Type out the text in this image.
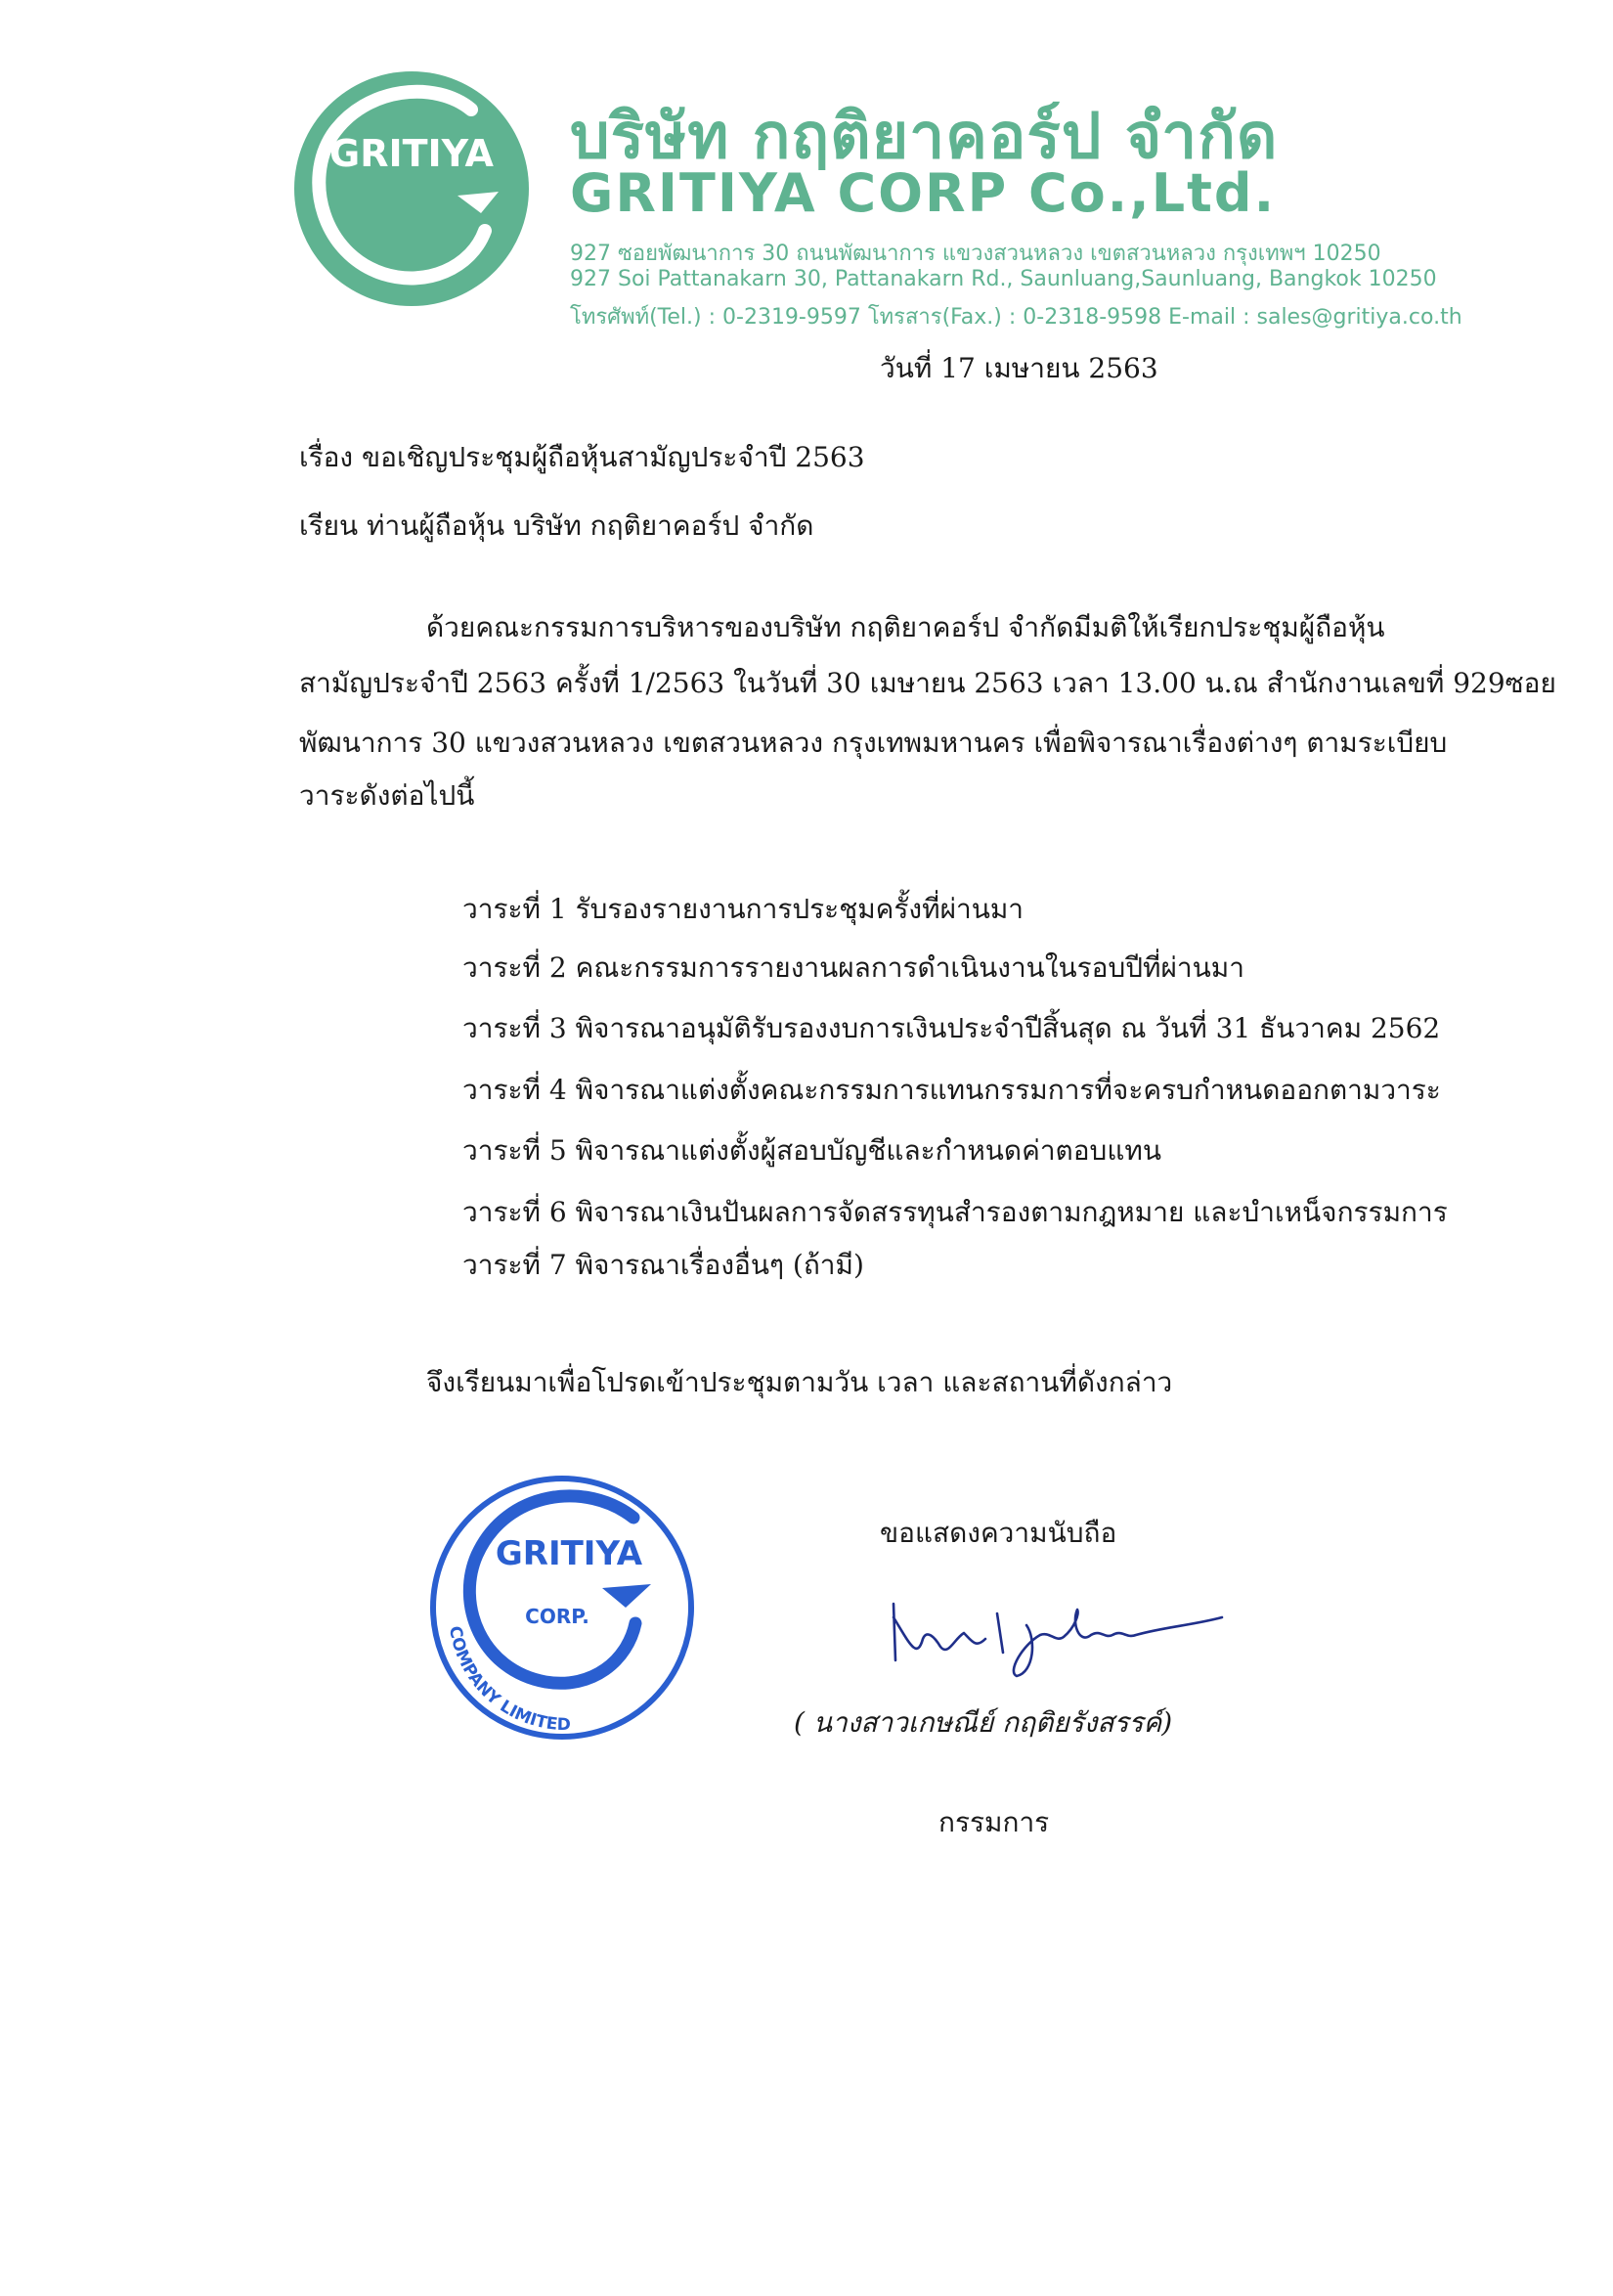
GRITIYA บริษัท กฤติยาคอร์ป จำกัด
GRITIYA CORP Co.,Ltd.
927 ซอยพัฒนาการ 30 ถนนพัฒนาการ แขวงสวนหลวง เขตสวนหลวง กรุงเทพฯ 10250
927 Soi Pattanakarn 30, Pattanakarn Rd., Saunluang,Saunluang, Bangkok 10250
โทรศัพท์(Tel.) : 0-2319-9597 โทรสาร(Fax.) : 0-2318-9598 E-mail : sales@gritiya.co.th
วันที่ 17 เมษายน 2563
เรื่อง ขอเชิญประชุมผู้ถือหุ้นสามัญประจำปี 2563
เรียน ท่านผู้ถือหุ้น บริษัท กฤติยาคอร์ป จำกัด
ด้วยคณะกรรมการบริหารของบริษัท กฤติยาคอร์ป จำกัดมีมติให้เรียกประชุมผู้ถือหุ้น
สามัญประจำปี 2563 ครั้งที่ 1/2563 ในวันที่ 30 เมษายน 2563 เวลา 13.00 น.ณ สำนักงานเลขที่ 929ซอย
พัฒนาการ 30 แขวงสวนหลวง เขตสวนหลวง กรุงเทพมหานคร เพื่อพิจารณาเรื่องต่างๆ ตามระเบียบ
วาระดังต่อไปนี้
วาระที่ 1 รับรองรายงานการประชุมครั้งที่ผ่านมา
วาระที่ 2 คณะกรรมการรายงานผลการดำเนินงานในรอบปีที่ผ่านมา
วาระที่ 3 พิจารณาอนุมัติรับรองงบการเงินประจำปีสิ้นสุด ณ วันที่ 31 ธันวาคม 2562
วาระที่ 4 พิจารณาแต่งตั้งคณะกรรมการแทนกรรมการที่จะครบกำหนดออกตามวาระ
วาระที่ 5 พิจารณาแต่งตั้งผู้สอบบัญชีและกำหนดค่าตอบแทน
วาระที่ 6 พิจารณาเงินปันผลการจัดสรรทุนสำรองตามกฎหมาย และบำเหน็จกรรมการ
วาระที่ 7 พิจารณาเรื่องอื่นๆ (ถ้ามี)
จึงเรียนมาเพื่อโปรดเข้าประชุมตามวัน เวลา และสถานที่ดังกล่าว
GRITIYA
CORP.
COMPANY LIMITED
ขอแสดงความนับถือ
( นางสาวเกษณีย์ กฤติยรังสรรค์)
กรรมการ
